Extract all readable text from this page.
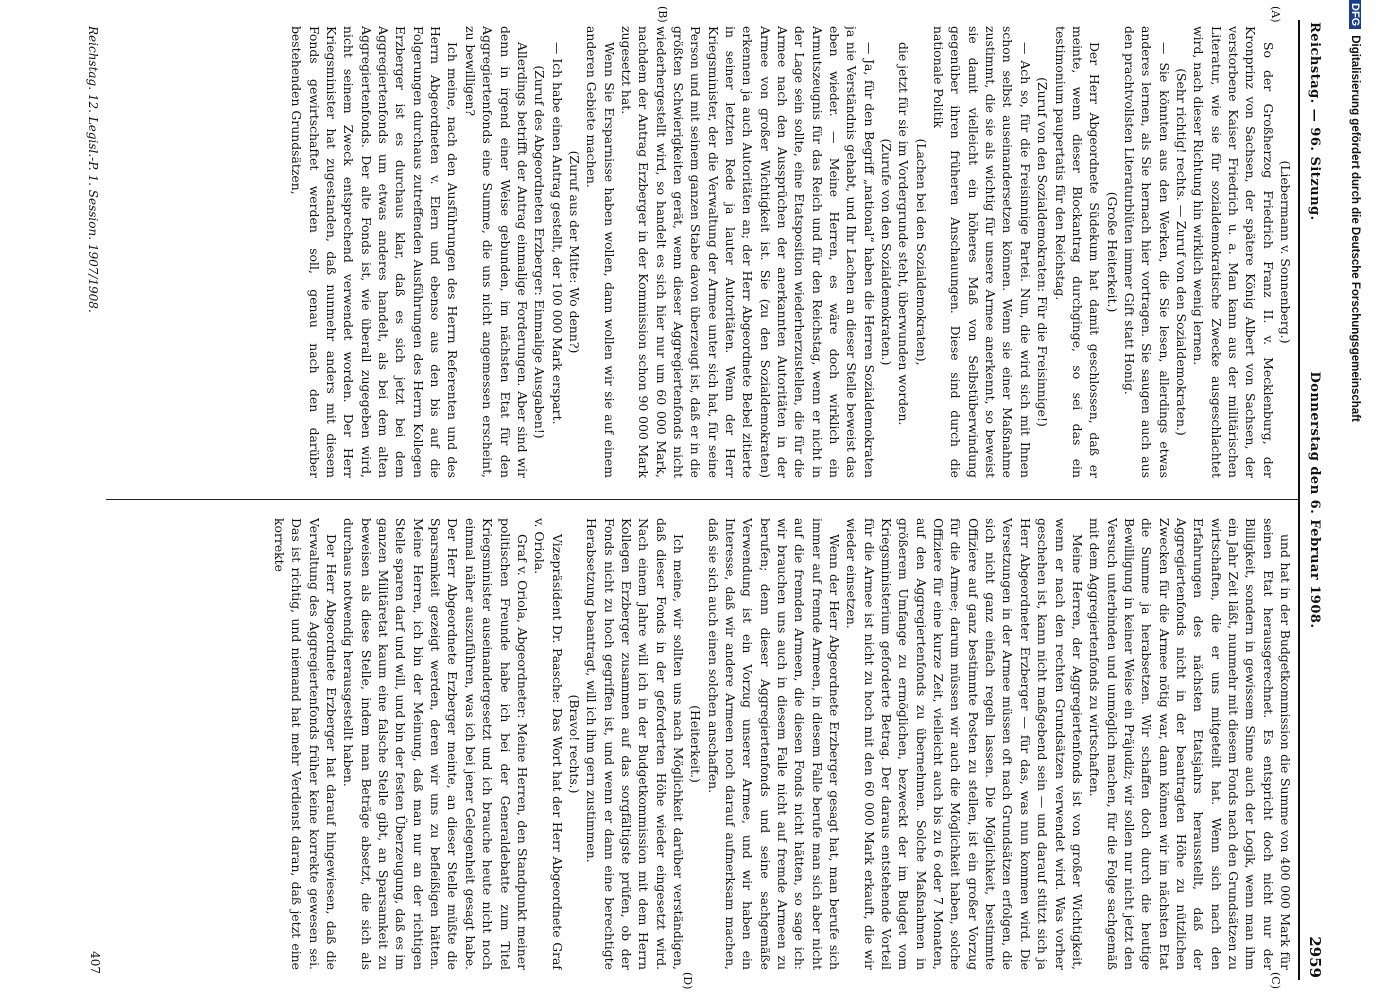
Reichstag. — 96. Sitzung.
Donnerstag den 6. Februar 1908.
2959
(A)
(B)
(C)
(D)

(Liebermann v. Sonnenberg.)

So der Großherzog Friedrich Franz II. v. Mecklenburg, der Kronprinz von Sachsen, der spätere König Albert von Sachsen, der verstorbene Kaiser Friedrich u. a. Man kann aus der militärischen Literatur, wie sie für sozialdemokratische Zwecke ausgeschlachtet wird, nach dieser Richtung hin wirklich wenig lernen.

(Sehr richtig! rechts. — Zuruf von den Sozialdemokraten.)

— Sie könnten aus den Werken, die Sie lesen, allerdings etwas anderes lernen, als Sie hernach hier vortragen. Sie saugen auch aus den prachtvollsten Literaturblüten immer Gift statt Honig.

(Große Heiterkeit.)

Der Herr Abgeordnete Südekum hat damit geschlossen, daß er meinte, wenn dieser Blockantrag durchginge, so sei das ein testimonium paupertatis für den Reichstag.

(Zuruf von den Sozialdemokraten: Für die Freisinnige!)

— Ach so, für die Freisinnige Partei. Nun, die wird sich mit Ihnen schon selbst auseinandersetzen können. Wenn sie einer Maßnahme zustimmt, die sie als wichtig für unsere Armee anerkennt, so beweist sie damit vielleicht ein höheres Maß von Selbstüberwindung gegenüber ihren früheren Anschauungen. Diese sind durch die nationale Politik

(Lachen bei den Sozialdemokraten),

die jetzt für sie im Vordergrunde steht, überwunden worden.

(Zurufe von den Sozialdemokraten.)

— Ja, für den Begriff „national“ haben die Herren Sozialdemokraten ja nie Verständnis gehabt, und Ihr Lachen an dieser Stelle beweist das eben wieder. — Meine Herren, es wäre doch wirklich ein Armutszeugnis für das Reich und für den Reichstag, wenn er nicht in der Lage sein sollte, eine Etatsposition wiederherzustellen, die für die Armee nach den Aussprüchen der anerkannten Autoritäten in der Armee von großer Wichtigkeit ist. Sie (zu den Sozialdemokraten) erkennen ja auch Autoritäten an; der Herr Abgeordnete Bebel zitierte in seiner letzten Rede ja lauter Autoritäten. Wenn der Herr Kriegsminister, der die Verwaltung der Armee unter sich hat, für seine Person und mit seinem ganzen Stabe davon überzeugt ist, daß er in die größten Schwierigkeiten gerät, wenn dieser Aggregiertenfonds nicht wiederhergestellt wird, so handelt es sich hier nur um 60 000 Mark, nachdem der Antrag Erzberger in der Kommission schon 90 000 Mark zugesetzt hat.

Wenn Sie Ersparnisse haben wollen, dann wollen wir sie auf einem anderen Gebiete machen.

(Zuruf aus der Mitte: Wo denn?)

— Ich habe einen Antrag gestellt, der 100 000 Mark erspart.

(Zuruf des Abgeordneten Erzberger: Einmalige Ausgaben!)

Allerdings betrifft der Antrag einmalige Forderungen. Aber sind wir denn in irgend einer Weise gebunden, im nächsten Etat für den Aggregiertenfonds eine Summe, die uns nicht angemessen erscheint, zu bewilligen?

Ich meine, nach den Ausführungen des Herrn Referenten und des Herrn Abgeordneten v. Elern und ebenso aus den bis auf die Folgerungen durchaus zutreffenden Ausführungen des Herrn Kollegen Erzberger ist es durchaus klar, daß es sich jetzt bei dem Aggregiertenfonds um etwas anderes handelt, als bei dem alten Aggregiertenfonds. Der alte Fonds ist, wie überall zugegeben wird, nicht seinem Zweck entsprechend verwendet worden. Der Herr Kriegsminister hat zugestanden, daß nunmehr anders mit diesem Fonds gewirtschaftet werden soll, genau nach den darüber bestehenden Grundsätzen,

und hat in der Budgetkommission die Summe von 400 000 Mark für seinen Etat herausgerechnet. Es entspricht doch nicht nur der Billigkeit, sondern in gewissem Sinne auch der Logik, wenn man ihm ein Jahr Zeit läßt, nunmehr mit diesem Fonds nach den Grundsätzen zu wirtschaften, die er uns mitgeteilt hat. Wenn sich nach den Erfahrungen des nächsten Etatsjahrs herausstellt, daß der Aggregiertenfonds nicht in der beantragten Höhe zu nützlichen Zwecken für die Armee nötig war, dann können wir im nächsten Etat die Summe ja herabsetzen. Wir schaffen doch durch die heutige Bewilligung in keiner Weise ein Präjudiz; wir sollen nur nicht jetzt den Versuch unterbinden und unmöglich machen, für die Folge sachgemäß mit dem Aggregiertenfonds zu wirtschaften.

Meine Herren, der Aggregiertenfonds ist von großer Wichtigkeit, wenn er nach den rechten Grundsätzen verwendet wird. Was vorher geschehen ist, kann nicht maßgebend sein — und darauf stützt sich ja Herr Abgeordneter Erzberger — für das, was nun kommen wird. Die Versetzungen in der Armee müssen oft nach Grundsätzen erfolgen, die sich nicht ganz einfach regeln lassen. Die Möglichkeit, bestimmte Offiziere auf ganz bestimmte Posten zu stellen, ist ein großer Vorzug für die Armee; darum müssen wir auch die Möglichkeit haben, solche Offiziere für eine kurze Zeit, vielleicht auch bis zu 6 oder 7 Monaten, auf den Aggregiertenfonds zu übernehmen. Solche Maßnahmen in größerem Umfange zu ermöglichen, bezweckt der im Budget vom Kriegsministerium geforderte Betrag. Der daraus entstehende Vorteil für die Armee ist nicht zu hoch mit den 60 000 Mark erkauft, die wir wieder einsetzen.

Wenn der Herr Abgeordnete Erzberger gesagt hat, man berufe sich immer auf fremde Armeen, in diesem Falle berufe man sich aber nicht auf die fremden Armeen, die diesen Fonds nicht hätten, so sage ich: wir brauchen uns auch in diesem Falle nicht auf fremde Armeen zu berufen; denn dieser Aggregiertenfonds und seine sachgemäße Verwendung ist ein Vorzug unserer Armee, und wir haben ein Interesse, daß wir andere Armeen noch darauf aufmerksam machen, daß sie sich auch einen solchen anschaffen.

(Heiterkeit.)

Ich meine, wir sollten uns nach Möglichkeit darüber verständigen, daß dieser Fonds in der geforderten Höhe wieder eingesetzt wird. Nach einem Jahre will ich in der Budgetkommission mit dem Herrn Kollegen Erzberger zusammen auf das sorgfältigste prüfen, ob der Fonds nicht zu hoch gegriffen ist, und wenn er dann eine berechtigte Herabsetzung beantragt, will ich ihm gern zustimmen.

(Bravo! rechts.)

Vizepräsident Dr. Paasche: Das Wort hat der Herr Abgeordnete Graf v. Oriola.

Graf v. Oriola, Abgeordneter: Meine Herren, den Standpunkt meiner politischen Freunde habe ich bei der Generaldebatte zum Titel Kriegsminister auseinandergesetzt und ich brauche heute nicht noch einmal näher auszuführen, was ich bei jener Gelegenheit gesagt habe. Der Herr Abgeordnete Erzberger meinte, an dieser Stelle müßte die Sparsamkeit gezeigt werden, deren wir uns zu befleißigen hätten. Meine Herren, ich bin der Meinung, daß man nur an der richtigen Stelle sparen darf und will, und bin der festen Überzeugung, daß es im ganzen Militäretat kaum eine falsche Stelle gibt, an Sparsamkeit zu beweisen als diese Stelle, indem man Beträge absetzt, die sich als durchaus notwendig herausgestellt haben.

Der Herr Abgeordnete Erzberger hat darauf hingewiesen, daß die Verwaltung des Aggregiertenfonds früher keine korrekte gewesen sei. Das ist richtig, und niemand hat mehr Verdienst daran, daß jetzt eine korrekte

Reichstag. 12. Legisl.-P. 1. Session. 1907/1908.
407
DFGDigitalisierung gefördert durch die Deutsche Forschungsgemeinschaft
